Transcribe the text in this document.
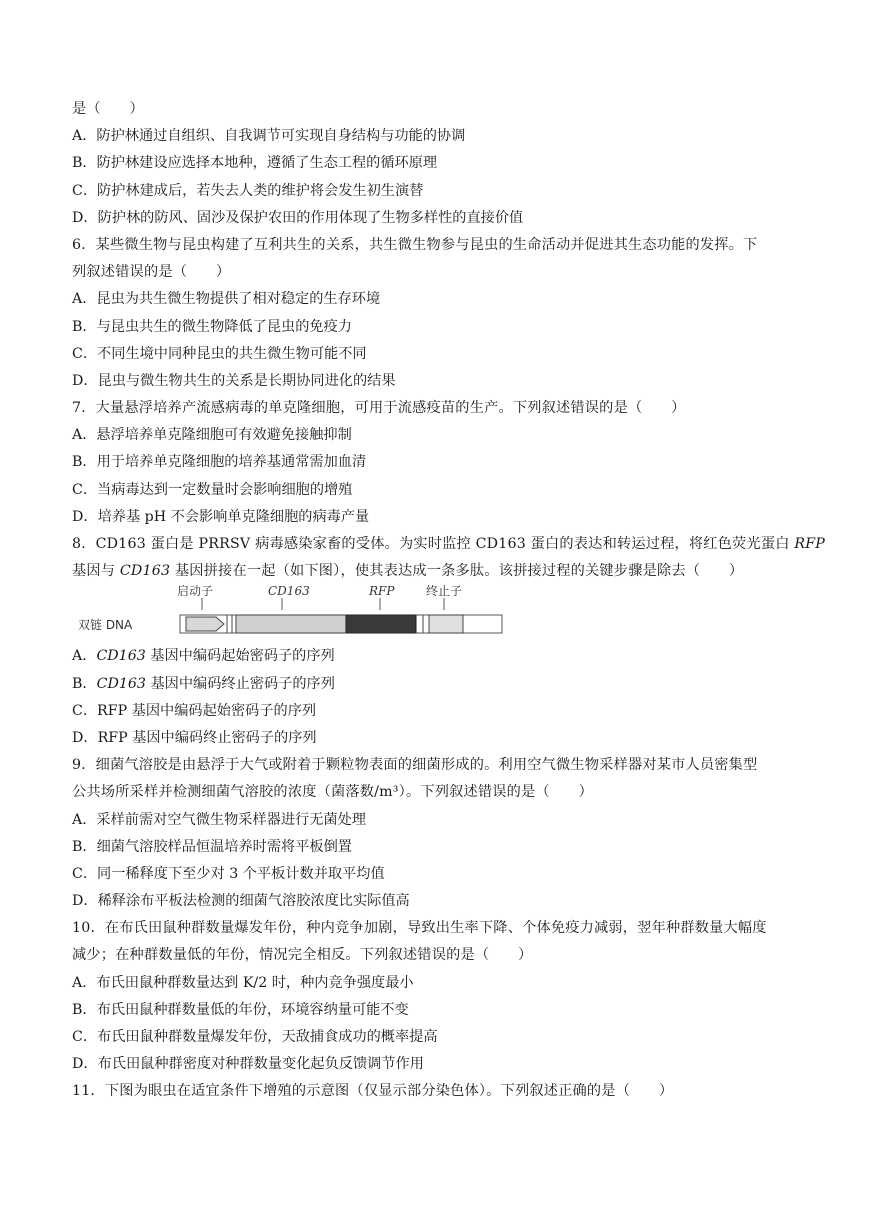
是（　　）
A．防护林通过自组织、自我调节可实现自身结构与功能的协调
B．防护林建设应选择本地种，遵循了生态工程的循环原理
C．防护林建成后，若失去人类的维护将会发生初生演替
D．防护林的防风、固沙及保护农田的作用体现了生物多样性的直接价值
6．某些微生物与昆虫构建了互利共生的关系，共生微生物参与昆虫的生命活动并促进其生态功能的发挥。下
列叙述错误的是（　　）
A．昆虫为共生微生物提供了相对稳定的生存环境
B．与昆虫共生的微生物降低了昆虫的免疫力
C．不同生境中同种昆虫的共生微生物可能不同
D．昆虫与微生物共生的关系是长期协同进化的结果
7．大量悬浮培养产流感病毒的单克隆细胞，可用于流感疫苗的生产。下列叙述错误的是（　　）
A．悬浮培养单克隆细胞可有效避免接触抑制
B．用于培养单克隆细胞的培养基通常需加血清
C．当病毒达到一定数量时会影响细胞的增殖
D．培养基 pH 不会影响单克隆细胞的病毒产量
8．CD163 蛋白是 PRRSV 病毒感染家畜的受体。为实时监控 CD163 蛋白的表达和转运过程，将红色荧光蛋白 RFP
基因与 CD163 基因拼接在一起（如下图），使其表达成一条多肽。该拼接过程的关键步骤是除去（　　）
启动子	CD163	RFP	终止子
双链 DNA
A．CD163 基因中编码起始密码子的序列
B．CD163 基因中编码终止密码子的序列
C．RFP 基因中编码起始密码子的序列
D．RFP 基因中编码终止密码子的序列
9．细菌气溶胶是由悬浮于大气或附着于颗粒物表面的细菌形成的。利用空气微生物采样器对某市人员密集型
公共场所采样并检测细菌气溶胶的浓度（菌落数/m³）。下列叙述错误的是（　　）
A．采样前需对空气微生物采样器进行无菌处理
B．细菌气溶胶样品恒温培养时需将平板倒置
C．同一稀释度下至少对 3 个平板计数并取平均值
D．稀释涂布平板法检测的细菌气溶胶浓度比实际值高
10．在布氏田鼠种群数量爆发年份，种内竞争加剧，导致出生率下降、个体免疫力减弱，翌年种群数量大幅度
减少；在种群数量低的年份，情况完全相反。下列叙述错误的是（　　）
A．布氏田鼠种群数量达到 K/2 时，种内竞争强度最小
B．布氏田鼠种群数量低的年份，环境容纳量可能不变
C．布氏田鼠种群数量爆发年份，天敌捕食成功的概率提高
D．布氏田鼠种群密度对种群数量变化起负反馈调节作用
11．下图为眼虫在适宜条件下增殖的示意图（仅显示部分染色体）。下列叙述正确的是（　　）
